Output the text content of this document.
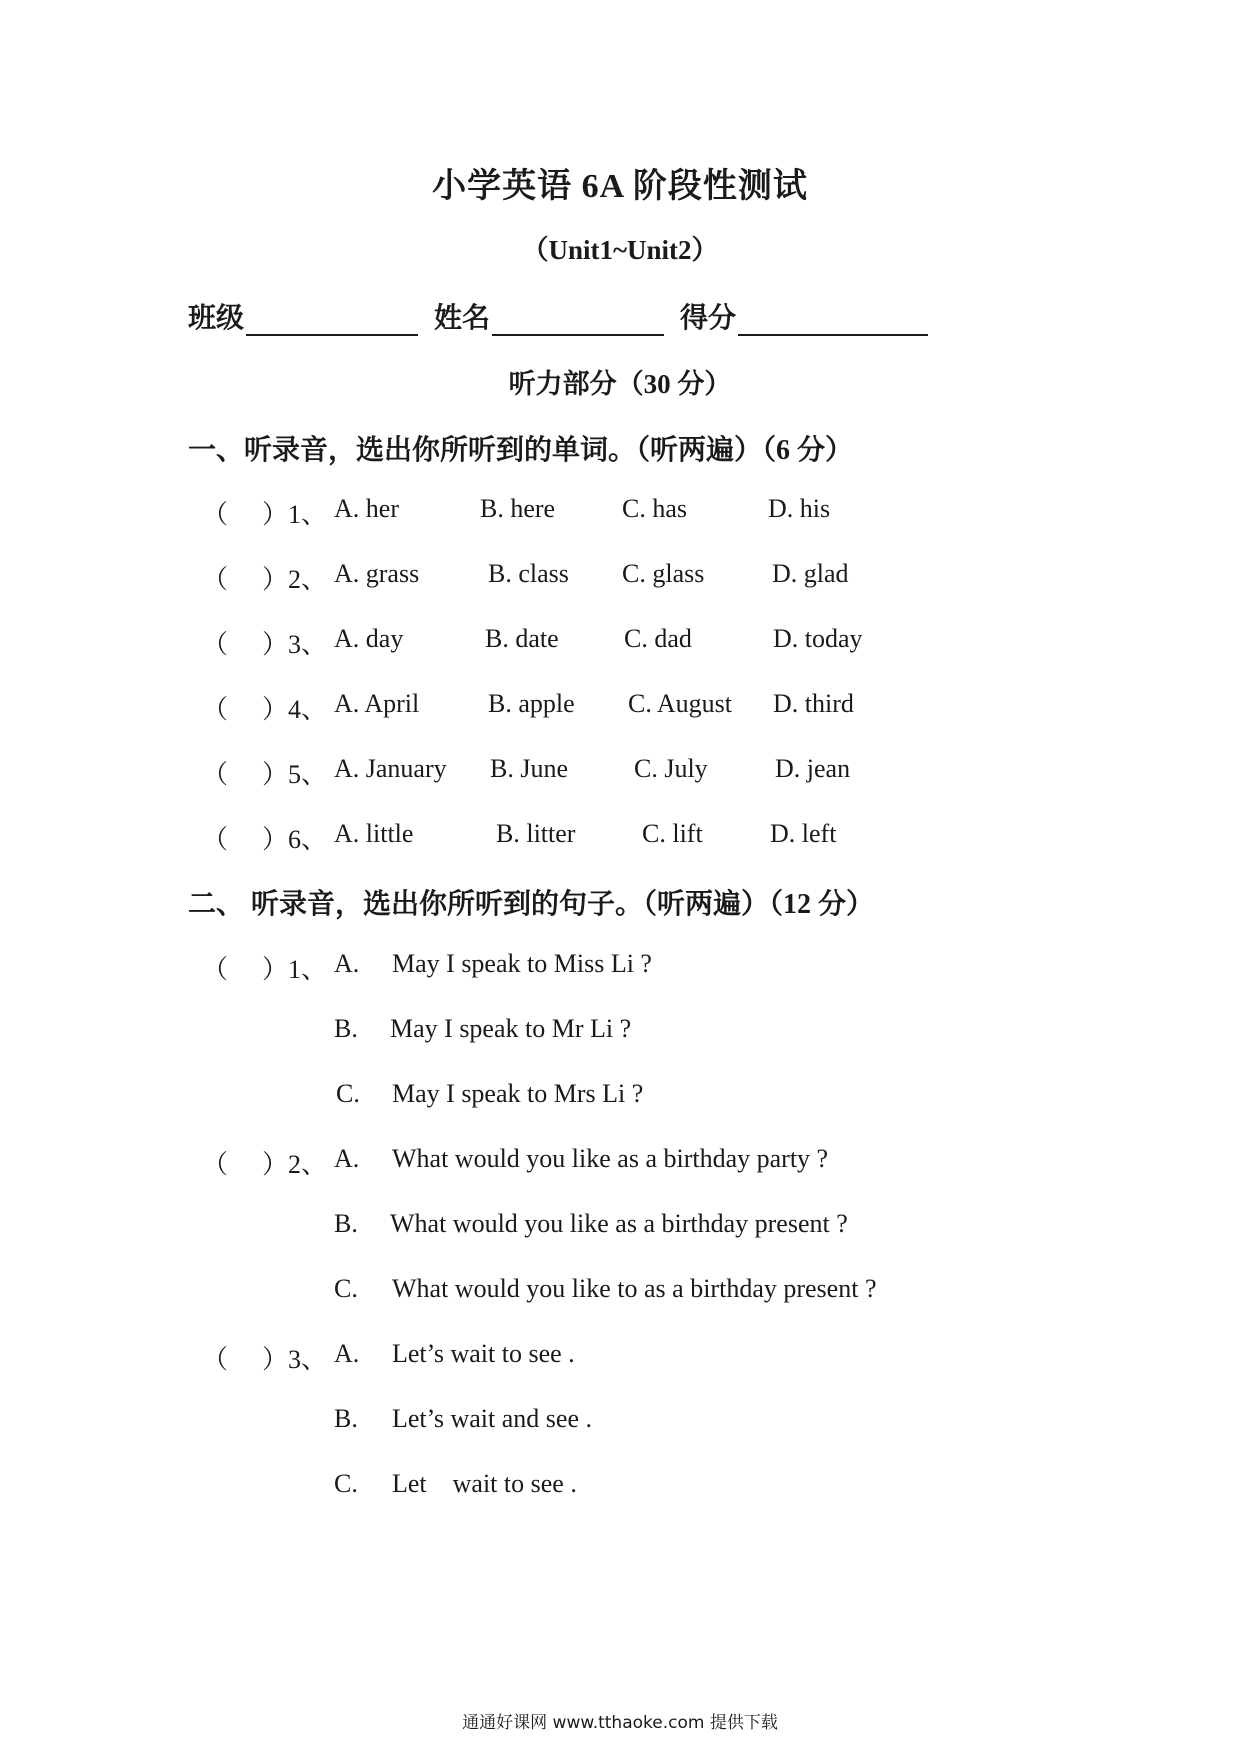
小学英语 6A 阶段性测试
（Unit1~Unit2）
班级	姓名	得分
听力部分（30 分）
一、听录音，选出你所听到的单词。（听两遍）（6 分）
（ ） 1、 A. her	B. here	C. has	D. his
（ ） 2、 A. grass	B. class C. glass	D. glad
（ ） 3、 A. day	B. date	C. dad	D. today
（ ） 4、 A. April	B. apple C. August D. third
（ ） 5、 A. January B. June	C. July	D. jean
（ ） 6、 A. little	B. litter	C. lift	D. left
二、 听录音，选出你所听到的句子。（听两遍）（12 分）
（ ） 1、 A. May I speak to Miss Li ?
B. May I speak to Mr Li ?
C. May I speak to Mrs Li ?
（ ） 2、 A. What would you like as a birthday party ?
B. What would you like as a birthday present ?
C. What would you like to as a birthday present ?
（ ） 3、 A. Let’s wait to see .
B. Let’s wait and see .
C. Let    wait to see .
通通好课网 www.tthaoke.com 提供下载
